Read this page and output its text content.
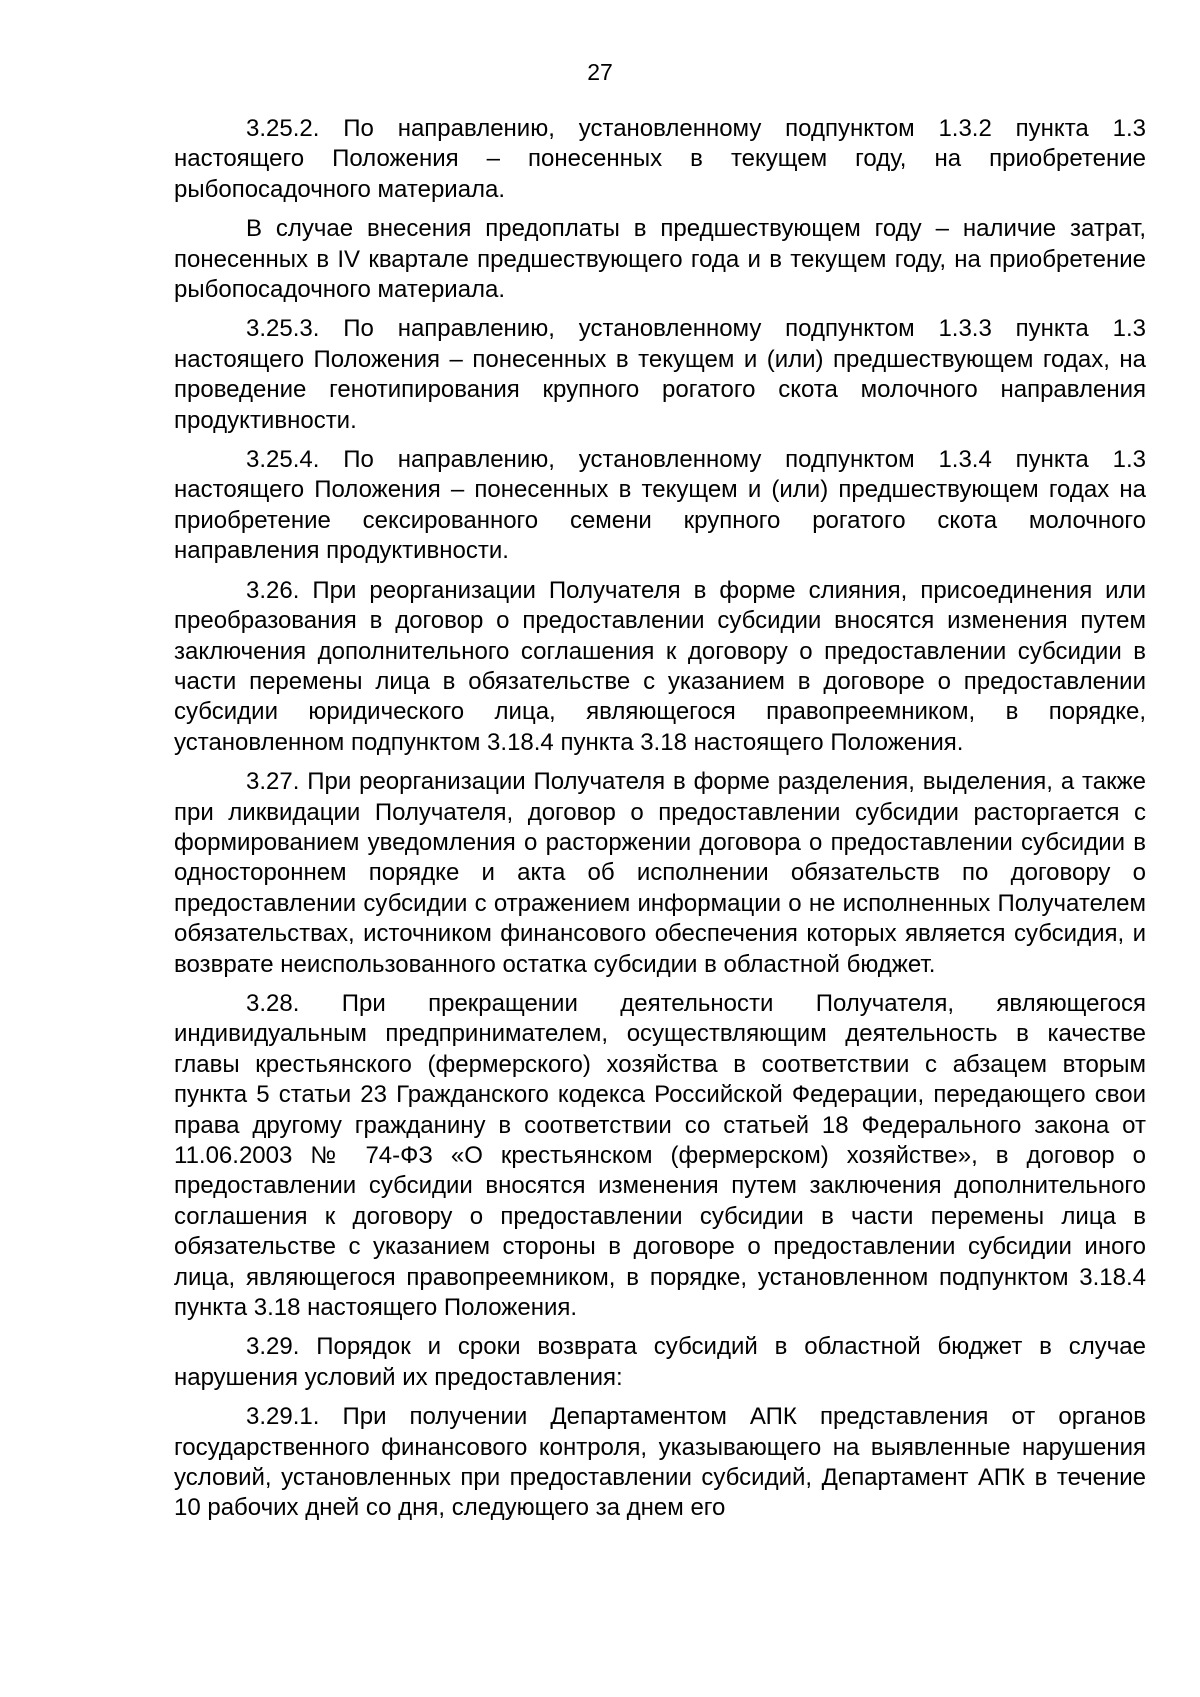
27

3.25.2. По направлению, установленному подпунктом 1.3.2 пункта 1.3 настоящего Положения – понесенных в текущем году, на приобретение рыбопосадочного материала.

В случае внесения предоплаты в предшествующем году – наличие затрат, понесенных в IV квартале предшествующего года и в текущем году, на приобретение рыбопосадочного материала.

3.25.3. По направлению, установленному подпунктом 1.3.3 пункта 1.3 настоящего Положения – понесенных в текущем и (или) предшествующем годах, на проведение генотипирования крупного рогатого скота молочного направления продуктивности.

3.25.4. По направлению, установленному подпунктом 1.3.4 пункта 1.3 настоящего Положения – понесенных в текущем и (или) предшествующем годах на приобретение сексированного семени крупного рогатого скота молочного направления продуктивности.

3.26. При реорганизации Получателя в форме слияния, присоединения или преобразования в договор о предоставлении субсидии вносятся изменения путем заключения дополнительного соглашения к договору о предоставлении субсидии в части перемены лица в обязательстве с указанием в договоре о предоставлении субсидии юридического лица, являющегося правопреемником, в порядке, установленном подпунктом 3.18.4 пункта 3.18 настоящего Положения.

3.27. При реорганизации Получателя в форме разделения, выделения, а также при ликвидации Получателя, договор о предоставлении субсидии расторгается с формированием уведомления о расторжении договора о предоставлении субсидии в одностороннем порядке и акта об исполнении обязательств по договору о предоставлении субсидии с отражением информации о не исполненных Получателем обязательствах, источником финансового обеспечения которых является субсидия, и возврате неиспользованного остатка субсидии в областной бюджет.

3.28. При прекращении деятельности Получателя, являющегося индивидуальным предпринимателем, осуществляющим деятельность в качестве главы крестьянского (фермерского) хозяйства в соответствии с абзацем вторым пункта 5 статьи 23 Гражданского кодекса Российской Федерации, передающего свои права другому гражданину в соответствии со статьей 18 Федерального закона от 11.06.2003 № 74-ФЗ «О крестьянском (фермерском) хозяйстве», в договор о предоставлении субсидии вносятся изменения путем заключения дополнительного соглашения к договору о предоставлении субсидии в части перемены лица в обязательстве с указанием стороны в договоре о предоставлении субсидии иного лица, являющегося правопреемником, в порядке, установленном подпунктом 3.18.4 пункта 3.18 настоящего Положения.

3.29. Порядок и сроки возврата субсидий в областной бюджет в случае нарушения условий их предоставления:

3.29.1. При получении Департаментом АПК представления от органов государственного финансового контроля, указывающего на выявленные нарушения условий, установленных при предоставлении субсидий, Департамент АПК в течение 10 рабочих дней со дня, следующего за днем его
